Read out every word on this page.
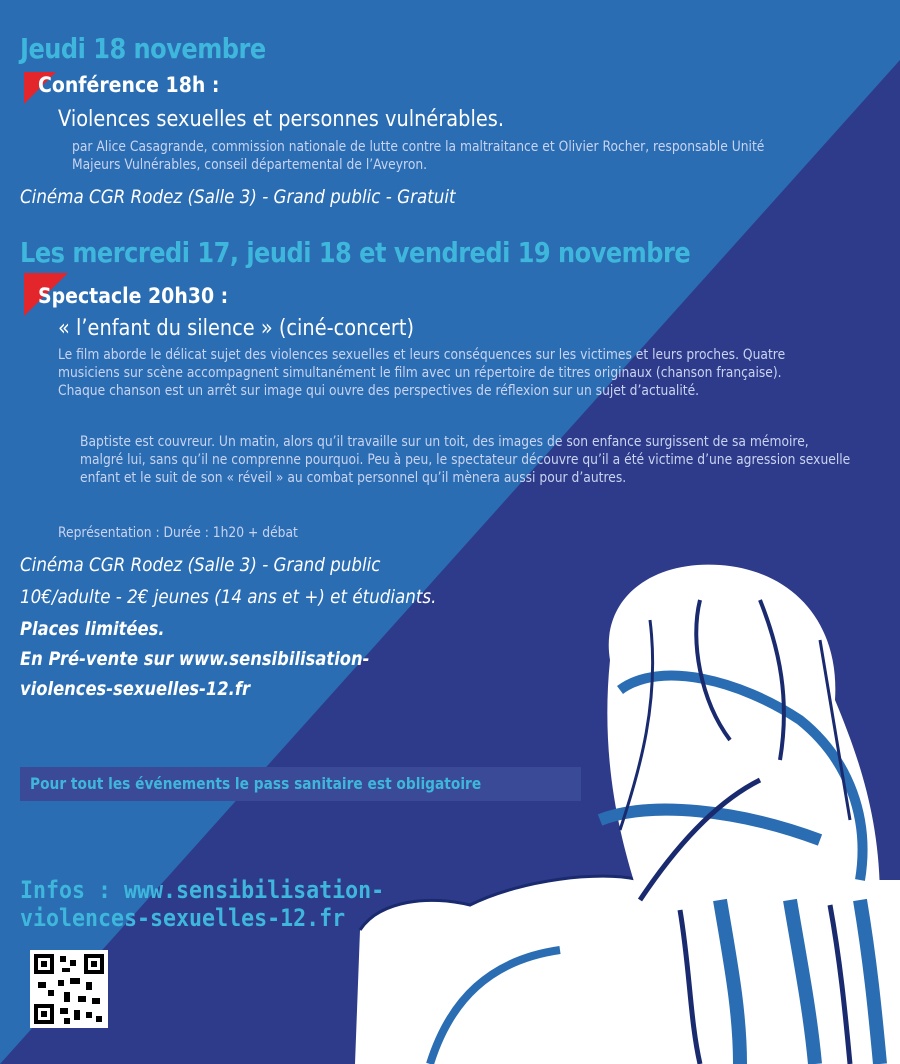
Jeudi 18 novembre
Conférence 18h :
Violences sexuelles et personnes vulnérables.
par Alice Casagrande, commission nationale de lutte contre la maltraitance et Olivier Rocher, responsable Unité Majeurs Vulnérables, conseil départemental de l’Aveyron.
Cinéma CGR Rodez (Salle 3) - Grand public - Gratuit
Les mercredi 17, jeudi 18 et vendredi 19 novembre
Spectacle 20h30 :
« l’enfant du silence » (ciné-concert)
Le film aborde le délicat sujet des violences sexuelles et leurs conséquences sur les victimes et leurs proches. Quatre musiciens sur scène accompagnent simultanément le film avec un répertoire de titres originaux (chanson française). Chaque chanson est un arrêt sur image qui ouvre des perspectives de réflexion sur un sujet d’actualité.
Baptiste est couvreur. Un matin, alors qu’il travaille sur un toit, des images de son enfance surgissent de sa mémoire, malgré lui, sans qu’il ne comprenne pourquoi. Peu à peu, le spectateur découvre qu’il a été victime d’une agression sexuelle enfant et le suit de son « réveil » au combat personnel qu’il mènera aussi pour d’autres.
Représentation : Durée : 1h20 + débat
Cinéma CGR Rodez (Salle 3) - Grand public
10€/adulte - 2€ jeunes (14 ans et +) et étudiants.
Places limitées.
En Pré-vente sur www.sensibilisation-
violences-sexuelles-12.fr
Pour tout les événements le pass sanitaire est obligatoire
Infos : www.sensibilisation-
violences-sexuelles-12.fr
